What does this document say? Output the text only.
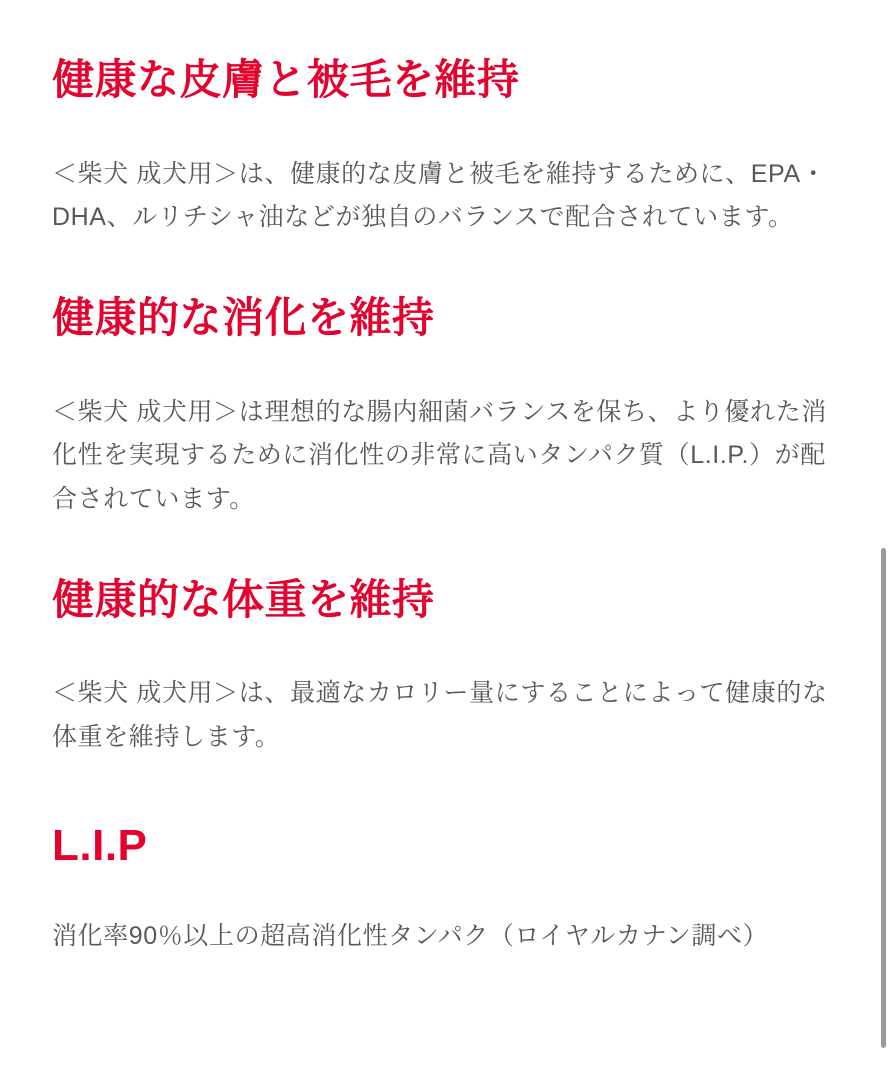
健康な皮膚と被毛を維持

＜柴犬 成犬用＞は、健康的な皮膚と被毛を維持するために、EPA・DHA、ルリチシャ油などが独自のバランスで配合されています。

健康的な消化を維持

＜柴犬 成犬用＞は理想的な腸内細菌バランスを保ち、より優れた消化性を実現するために消化性の非常に高いタンパク質（L.I.P.）が配合されています。

健康的な体重を維持

＜柴犬 成犬用＞は、最適なカロリー量にすることによって健康的な体重を維持します。

L.I.P

消化率90％以上の超高消化性タンパク（ロイヤルカナン調べ）
